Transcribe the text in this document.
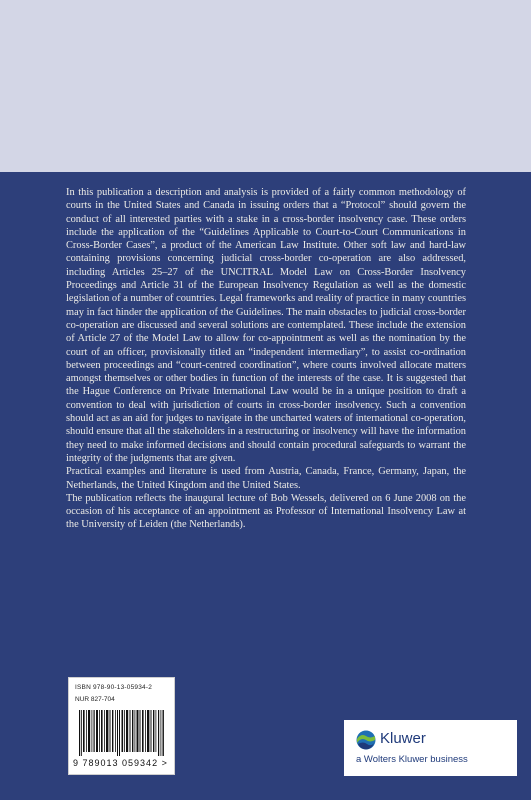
In this publication a description and analysis is provided of a fairly common methodology of courts in the United States and Canada in issuing orders that a “Protocol” should govern the conduct of all interested parties with a stake in a cross-border insolvency case. These orders include the application of the “Guidelines Applicable to Court-to-Court Communications in Cross-Border Cases”, a product of the American Law Institute. Other soft law and hard-law containing provisions concerning judicial cross-border co-operation are also addressed, including Articles 25–27 of the UNCITRAL Model Law on Cross-Border Insolvency Proceedings and Article 31 of the European Insolvency Regulation as well as the domestic legislation of a number of countries. Legal frameworks and reality of practice in many countries may in fact hinder the application of the Guidelines. The main obstacles to judicial cross-border co-operation are discussed and several solutions are contemplated. These include the extension of Article 27 of the Model Law to allow for co-appointment as well as the nomination by the court of an officer, provisionally titled an “independent intermediary”, to assist co-ordination between proceedings and “court-centred coordination”, where courts involved allocate matters amongst themselves or other bodies in function of the interests of the case. It is suggested that the Hague Conference on Private International Law would be in a unique position to draft a convention to deal with jurisdiction of courts in cross-border insolvency. Such a convention should act as an aid for judges to navigate in the uncharted waters of international co-operation, should ensure that all the stakeholders in a restructuring or insolvency will have the information they need to make informed decisions and should contain procedural safeguards to warrant the integrity of the judgments that are given.

Practical examples and literature is used from Austria, Canada, France, Germany, Japan, the Netherlands, the United Kingdom and the United States.

The publication reflects the inaugural lecture of Bob Wessels, delivered on 6 June 2008 on the occasion of his acceptance of an appointment as Professor of International Insolvency Law at the University of Leiden (the Netherlands).

ISBN 978-90-13-05934-2
NUR 827-704
9 789013 059342 >
Kluwer
a Wolters Kluwer business
